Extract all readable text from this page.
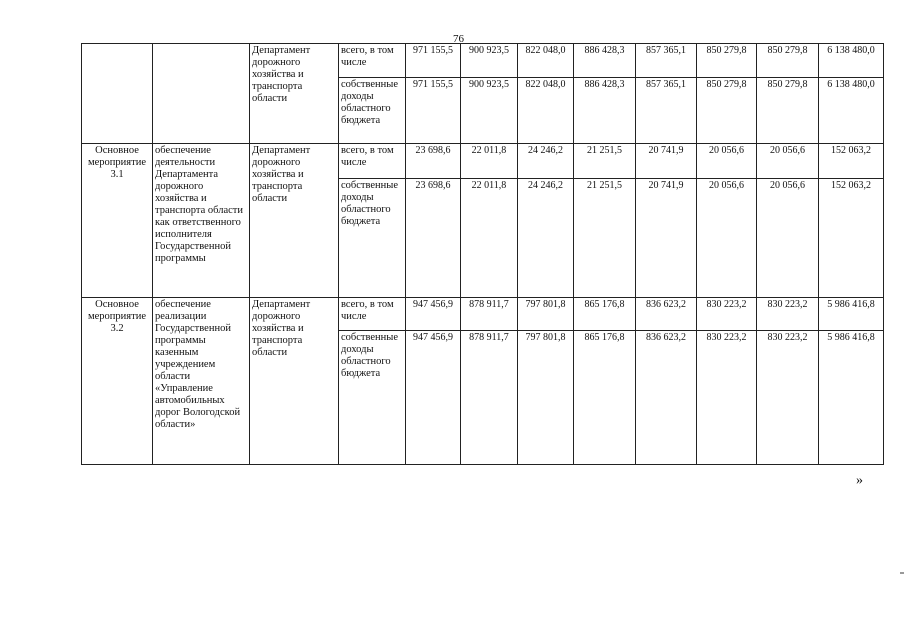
76
		Департамент дорожного хозяйства и транспорта области	всего, в том числе	971 155,5	900 923,5	822 048,0	886 428,3	857 365,1	850 279,8	850 279,8	6 138 480,0
			собственные доходы областного бюджета	971 155,5	900 923,5	822 048,0	886 428,3	857 365,1	850 279,8	850 279,8	6 138 480,0
Основное мероприятие 3.1	обеспечение деятельности Департамента дорожного хозяйства и транспорта области как ответственного исполнителя Государственной программы	Департамент дорожного хозяйства и транспорта области	всего, в том числе	23 698,6	22 011,8	24 246,2	21 251,5	20 741,9	20 056,6	20 056,6	152 063,2
			собственные доходы областного бюджета	23 698,6	22 011,8	24 246,2	21 251,5	20 741,9	20 056,6	20 056,6	152 063,2
Основное мероприятие 3.2	обеспечение реализации Государственной программы казенным учреждением области «Управление автомобильных дорог Вологодской области»	Департамент дорожного хозяйства и транспорта области	всего, в том числе	947 456,9	878 911,7	797 801,8	865 176,8	836 623,2	830 223,2	830 223,2	5 986 416,8
			собственные доходы областного бюджета	947 456,9	878 911,7	797 801,8	865 176,8	836 623,2	830 223,2	830 223,2	5 986 416,8
»
